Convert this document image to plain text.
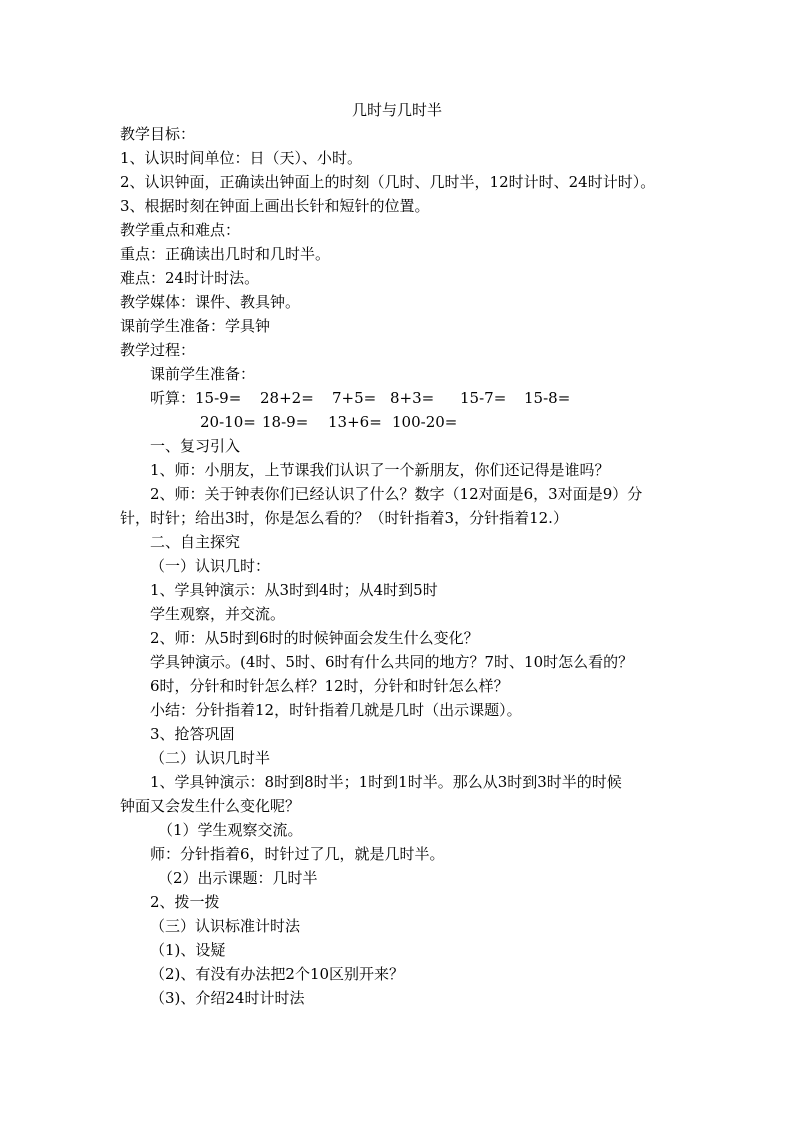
几时与几时半
教学目标：
1、认识时间单位：日（天）、小时。
2、认识钟面，正确读出钟面上的时刻（几时、几时半，12时计时、24时计时）。
3、根据时刻在钟面上画出长针和短针的位置。
教学重点和难点：
重点：正确读出几时和几时半。
难点：24时计时法。
教学媒体：课件、教具钟。
课前学生准备：学具钟
教学过程：
课前学生准备：
听算：15-9= 28+2= 7+5= 8+3= 15-7= 15-8=
20-10= 18-9= 13+6= 100-20=
一、复习引入
1、师：小朋友，上节课我们认识了一个新朋友，你们还记得是谁吗？
2、师：关于钟表你们已经认识了什么？数字（12对面是6，3对面是9）分
针，时针；给出3时，你是怎么看的？（时针指着3，分针指着12.）
二、自主探究
（一）认识几时：
1、学具钟演示：从3时到4时；从4时到5时
学生观察，并交流。
2、师：从5时到6时的时候钟面会发生什么变化？
学具钟演示。(4时、5时、6时有什么共同的地方？7时、10时怎么看的？
6时，分针和时针怎么样？12时，分针和时针怎么样？
小结：分针指着12，时针指着几就是几时（出示课题）。
3、抢答巩固
（二）认识几时半
1、学具钟演示：8时到8时半；1时到1时半。那么从3时到3时半的时候
钟面又会发生什么变化呢？
（1）学生观察交流。
师：分针指着6，时针过了几，就是几时半。
（2）出示课题：几时半
2、拨一拨
（三）认识标准计时法
（1)、设疑
（2)、有没有办法把2个10区别开来？
（3)、介绍24时计时法
